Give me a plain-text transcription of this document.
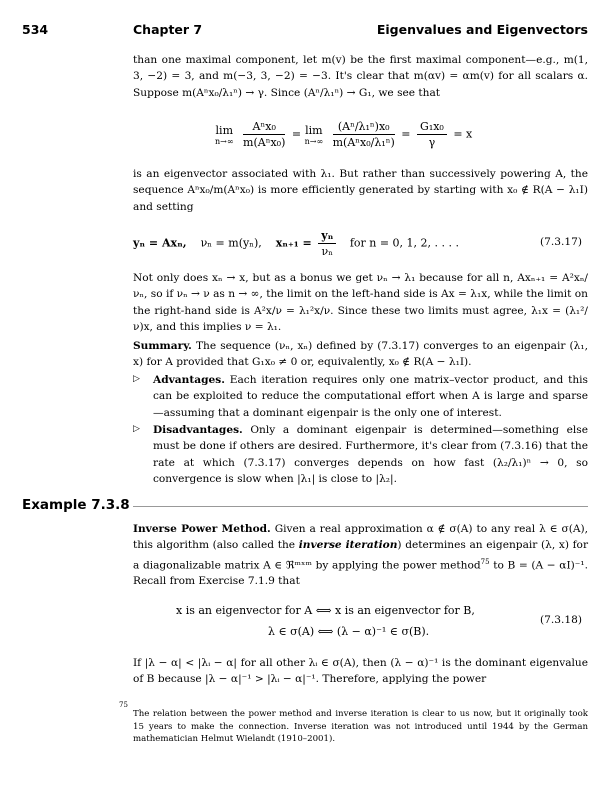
534	Chapter 7	Eigenvalues and Eigenvectors
than one maximal component, let m(v) be the first maximal component—e.g., m(1, 3, −2) = 3, and m(−3, 3, −2) = −3. It's clear that m(αv) = αm(v) for all scalars α. Suppose m(Aⁿx₀/λ₁ⁿ) → γ. Since (Aⁿ/λ₁ⁿ) → G₁, we see that
lim
n→∞
$\frac{\text{Aⁿx₀}}{\text{m(Aⁿx₀)}} = \lim$
n→∞
$\frac{\text{(Aⁿ/λ₁ⁿ)x₀}}{\text{m(Aⁿx₀/λ₁ⁿ)}} = \frac{\text{G₁x₀}}{\gamma} = x$
is an eigenvector associated with λ₁. But rather than successively powering A, the sequence Aⁿx₀/m(Aⁿx₀) is more efficiently generated by starting with x₀ ∉ R(A − λ₁I) and setting
yₙ = Axₙ, νₙ = m(yₙ), $x_{n+1} = \frac{\text{yₙ}}{\text{νₙ}}$ for n = 0, 1, 2, . . . .	(7.3.17)
Not only does xₙ → x, but as a bonus we get νₙ → λ₁ because for all n, Axₙ₊₁ = A²xₙ/νₙ, so if νₙ → ν as n → ∞, the limit on the left-hand side is Ax = λ₁x, while the limit on the right-hand side is A²x/ν = λ₁²x/ν. Since these two limits must agree, λ₁x = (λ₁²/ν)x, and this implies ν = λ₁.
Summary. The sequence (νₙ, xₙ) defined by (7.3.17) converges to an eigenpair (λ₁, x) for A provided that G₁x₀ ≠ 0 or, equivalently, x₀ ∉ R(A − λ₁I).
▷ Advantages. Each iteration requires only one matrix–vector product, and this can be exploited to reduce the computational effort when A is large and sparse—assuming that a dominant eigenpair is the only one of interest.
▷ Disadvantages. Only a dominant eigenpair is determined—something else must be done if others are desired. Furthermore, it's clear from (7.3.16) that the rate at which (7.3.17) converges depends on how fast (λ₂/λ₁)ⁿ → 0, so convergence is slow when |λ₁| is close to |λ₂|.
Example 7.3.8
Inverse Power Method. Given a real approximation α ∉ σ(A) to any real λ ∈ σ(A), this algorithm (also called the inverse iteration) determines an eigenpair (λ, x) for a diagonalizable matrix A ∈ ℜᵐˣᵐ by applying the power method$^{75}$ to B = (A − αI)⁻¹. Recall from Exercise 7.1.9 that
x is an eigenvector for A ⟺ x is an eigenvector for B,
λ ∈ σ(A) ⟺ (λ − α)⁻¹ ∈ σ(B).
(7.3.18)
If |λ − α| < |λᵢ − α| for all other λᵢ ∈ σ(A), then (λ − α)⁻¹ is the dominant eigenvalue of B because |λ − α|⁻¹ > |λᵢ − α|⁻¹. Therefore, applying the power
75
The relation between the power method and inverse iteration is clear to us now, but it originally took 15 years to make the connection. Inverse iteration was not introduced until 1944 by the German mathematician Helmut Wielandt (1910–2001).
